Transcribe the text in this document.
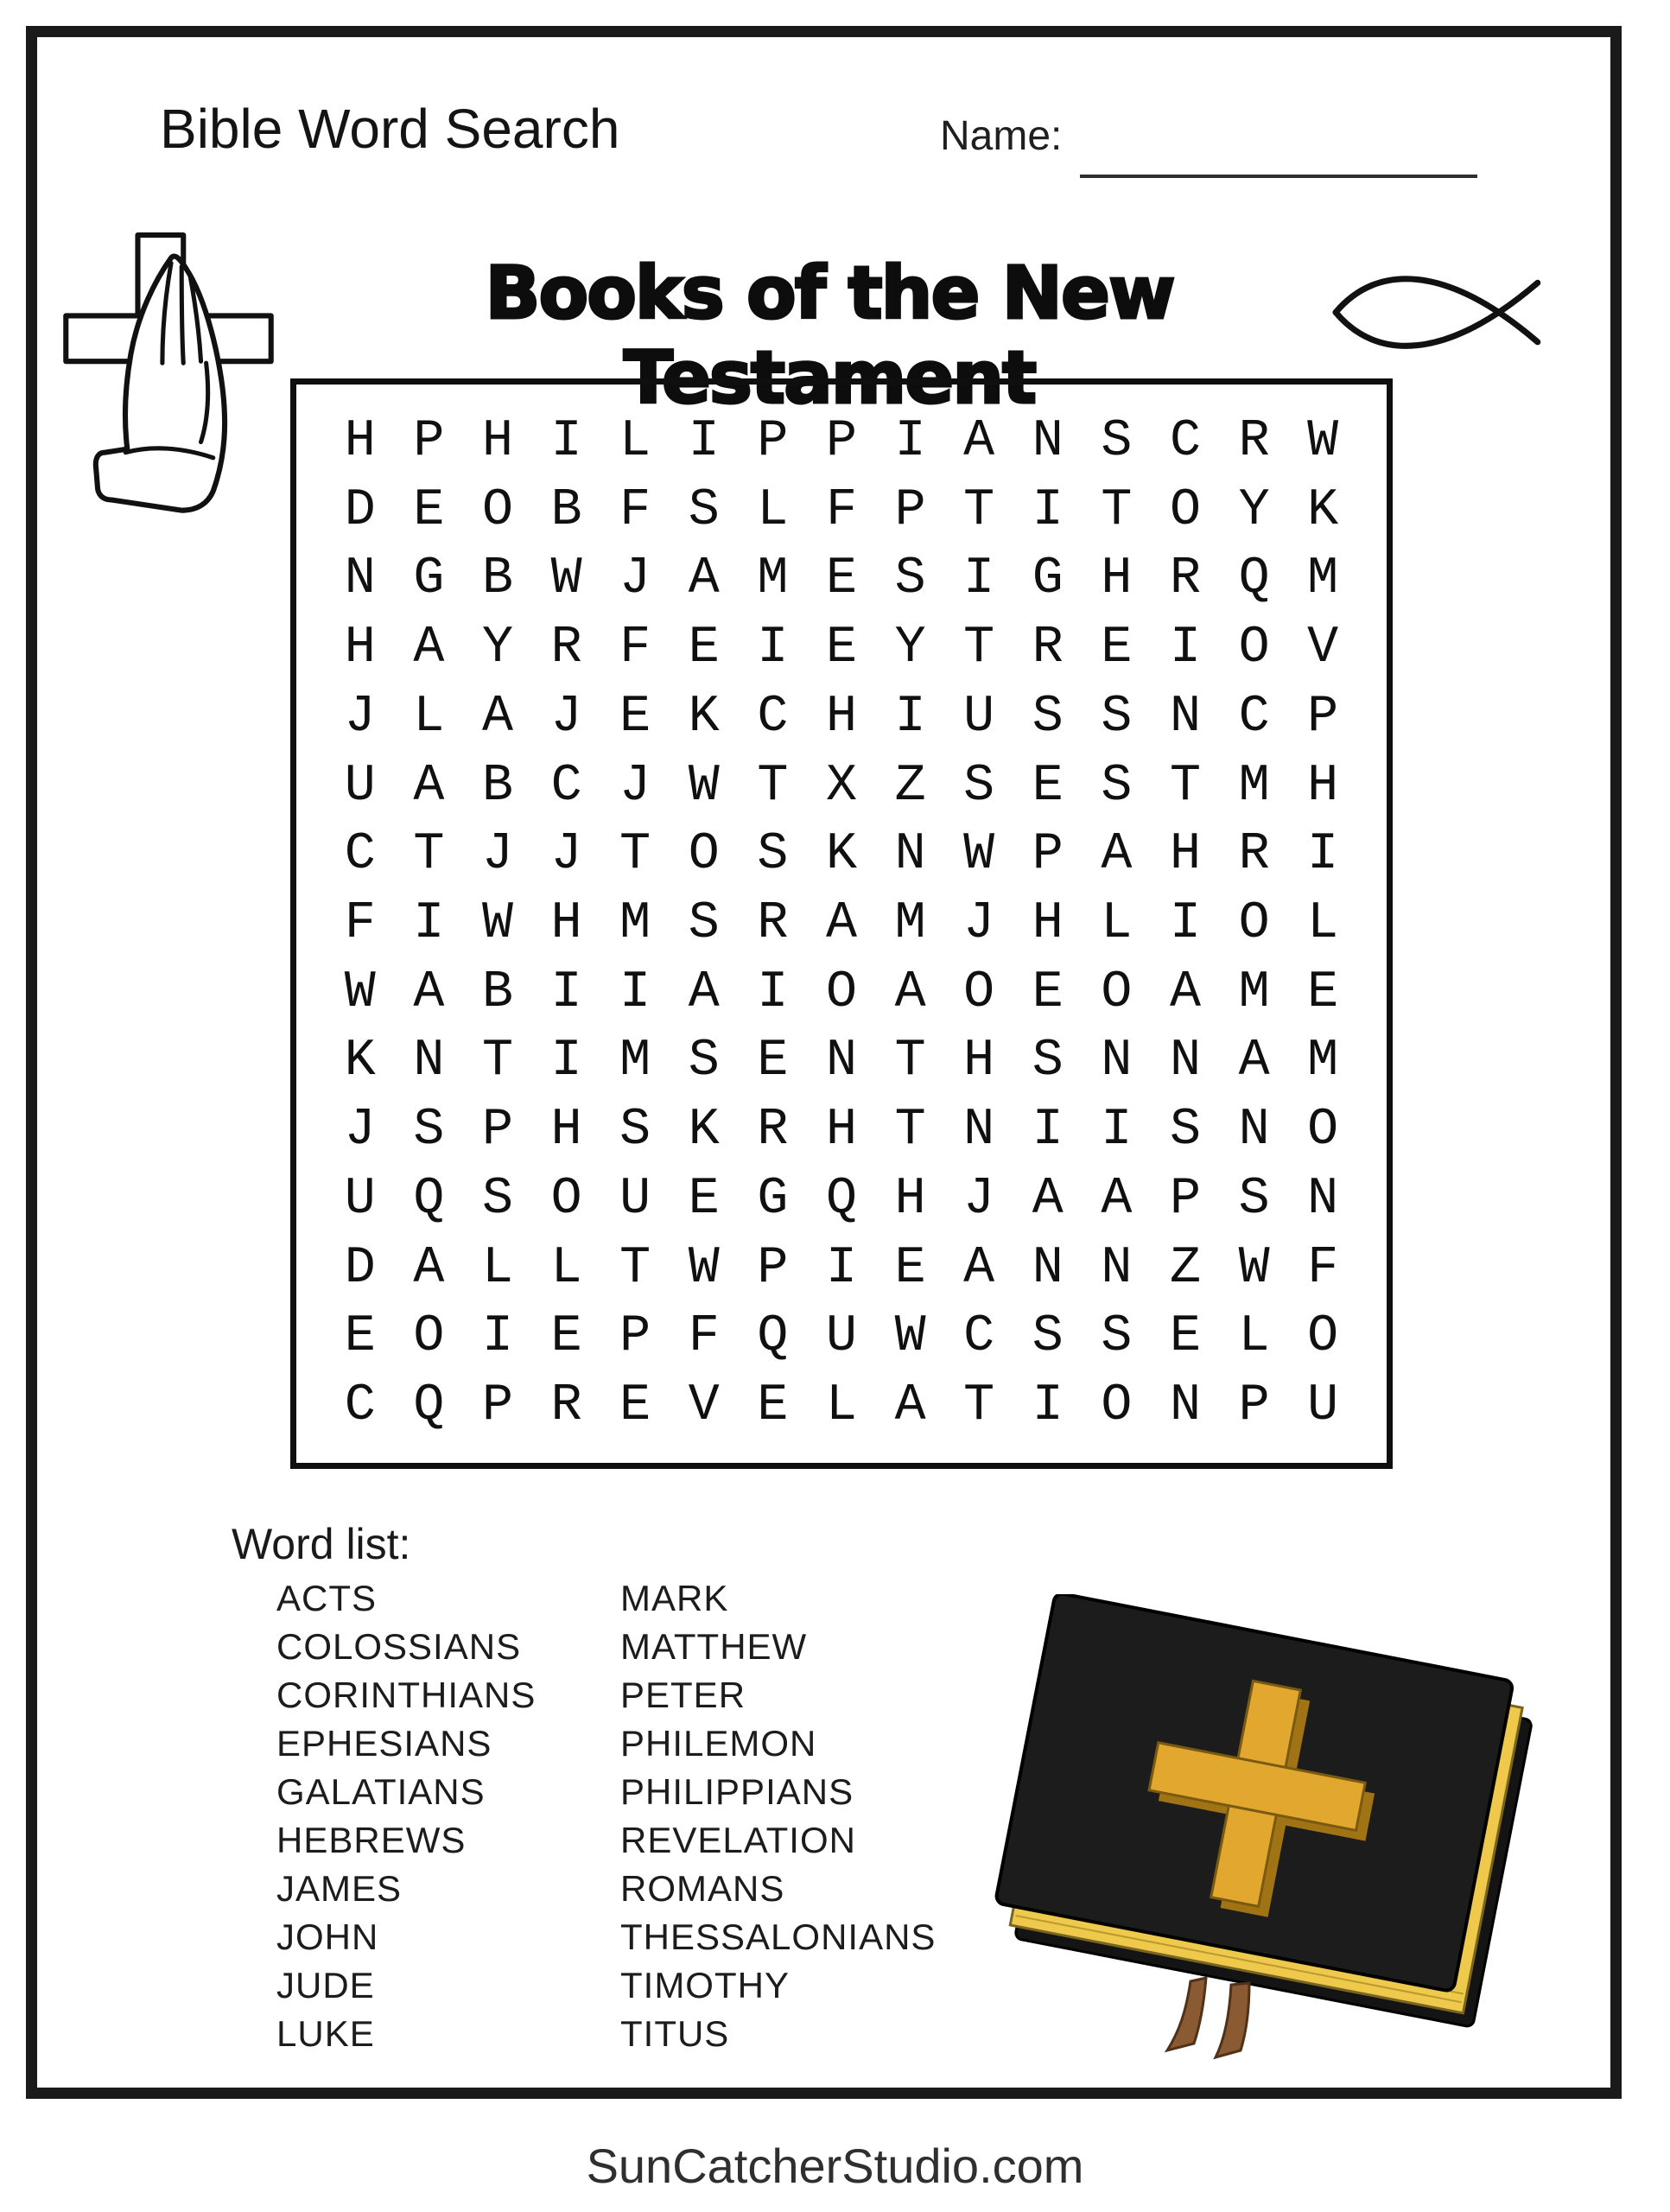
Bible Word Search	Name:
Books of the New Testament
H P H I L I P P I A N S C R W
D E O B F S L F P T I T O Y K
N G B W J A M E S I G H R Q M
H A Y R F E I E Y T R E I O V
J L A J E K C H I U S S N C P
U A B C J W T X Z S E S T M H
C T J J T O S K N W P A H R I
F I W H M S R A M J H L I O L
W A B I I A I O A O E O A M E
K N T I M S E N T H S N N A M
J S P H S K R H T N I I S N O
U Q S O U E G Q H J A A P S N
D A L L T W P I E A N N Z W F
E O I E P F Q U W C S S E L O
C Q P R E V E L A T I O N P U
Word list:
ACTS
COLOSSIANS
CORINTHIANS
EPHESIANS
GALATIANS
HEBREWS
JAMES
JOHN
JUDE
LUKE
MARK
MATTHEW
PETER
PHILEMON
PHILIPPIANS
REVELATION
ROMANS
THESSALONIANS
TIMOTHY
TITUS
SunCatcherStudio.com
